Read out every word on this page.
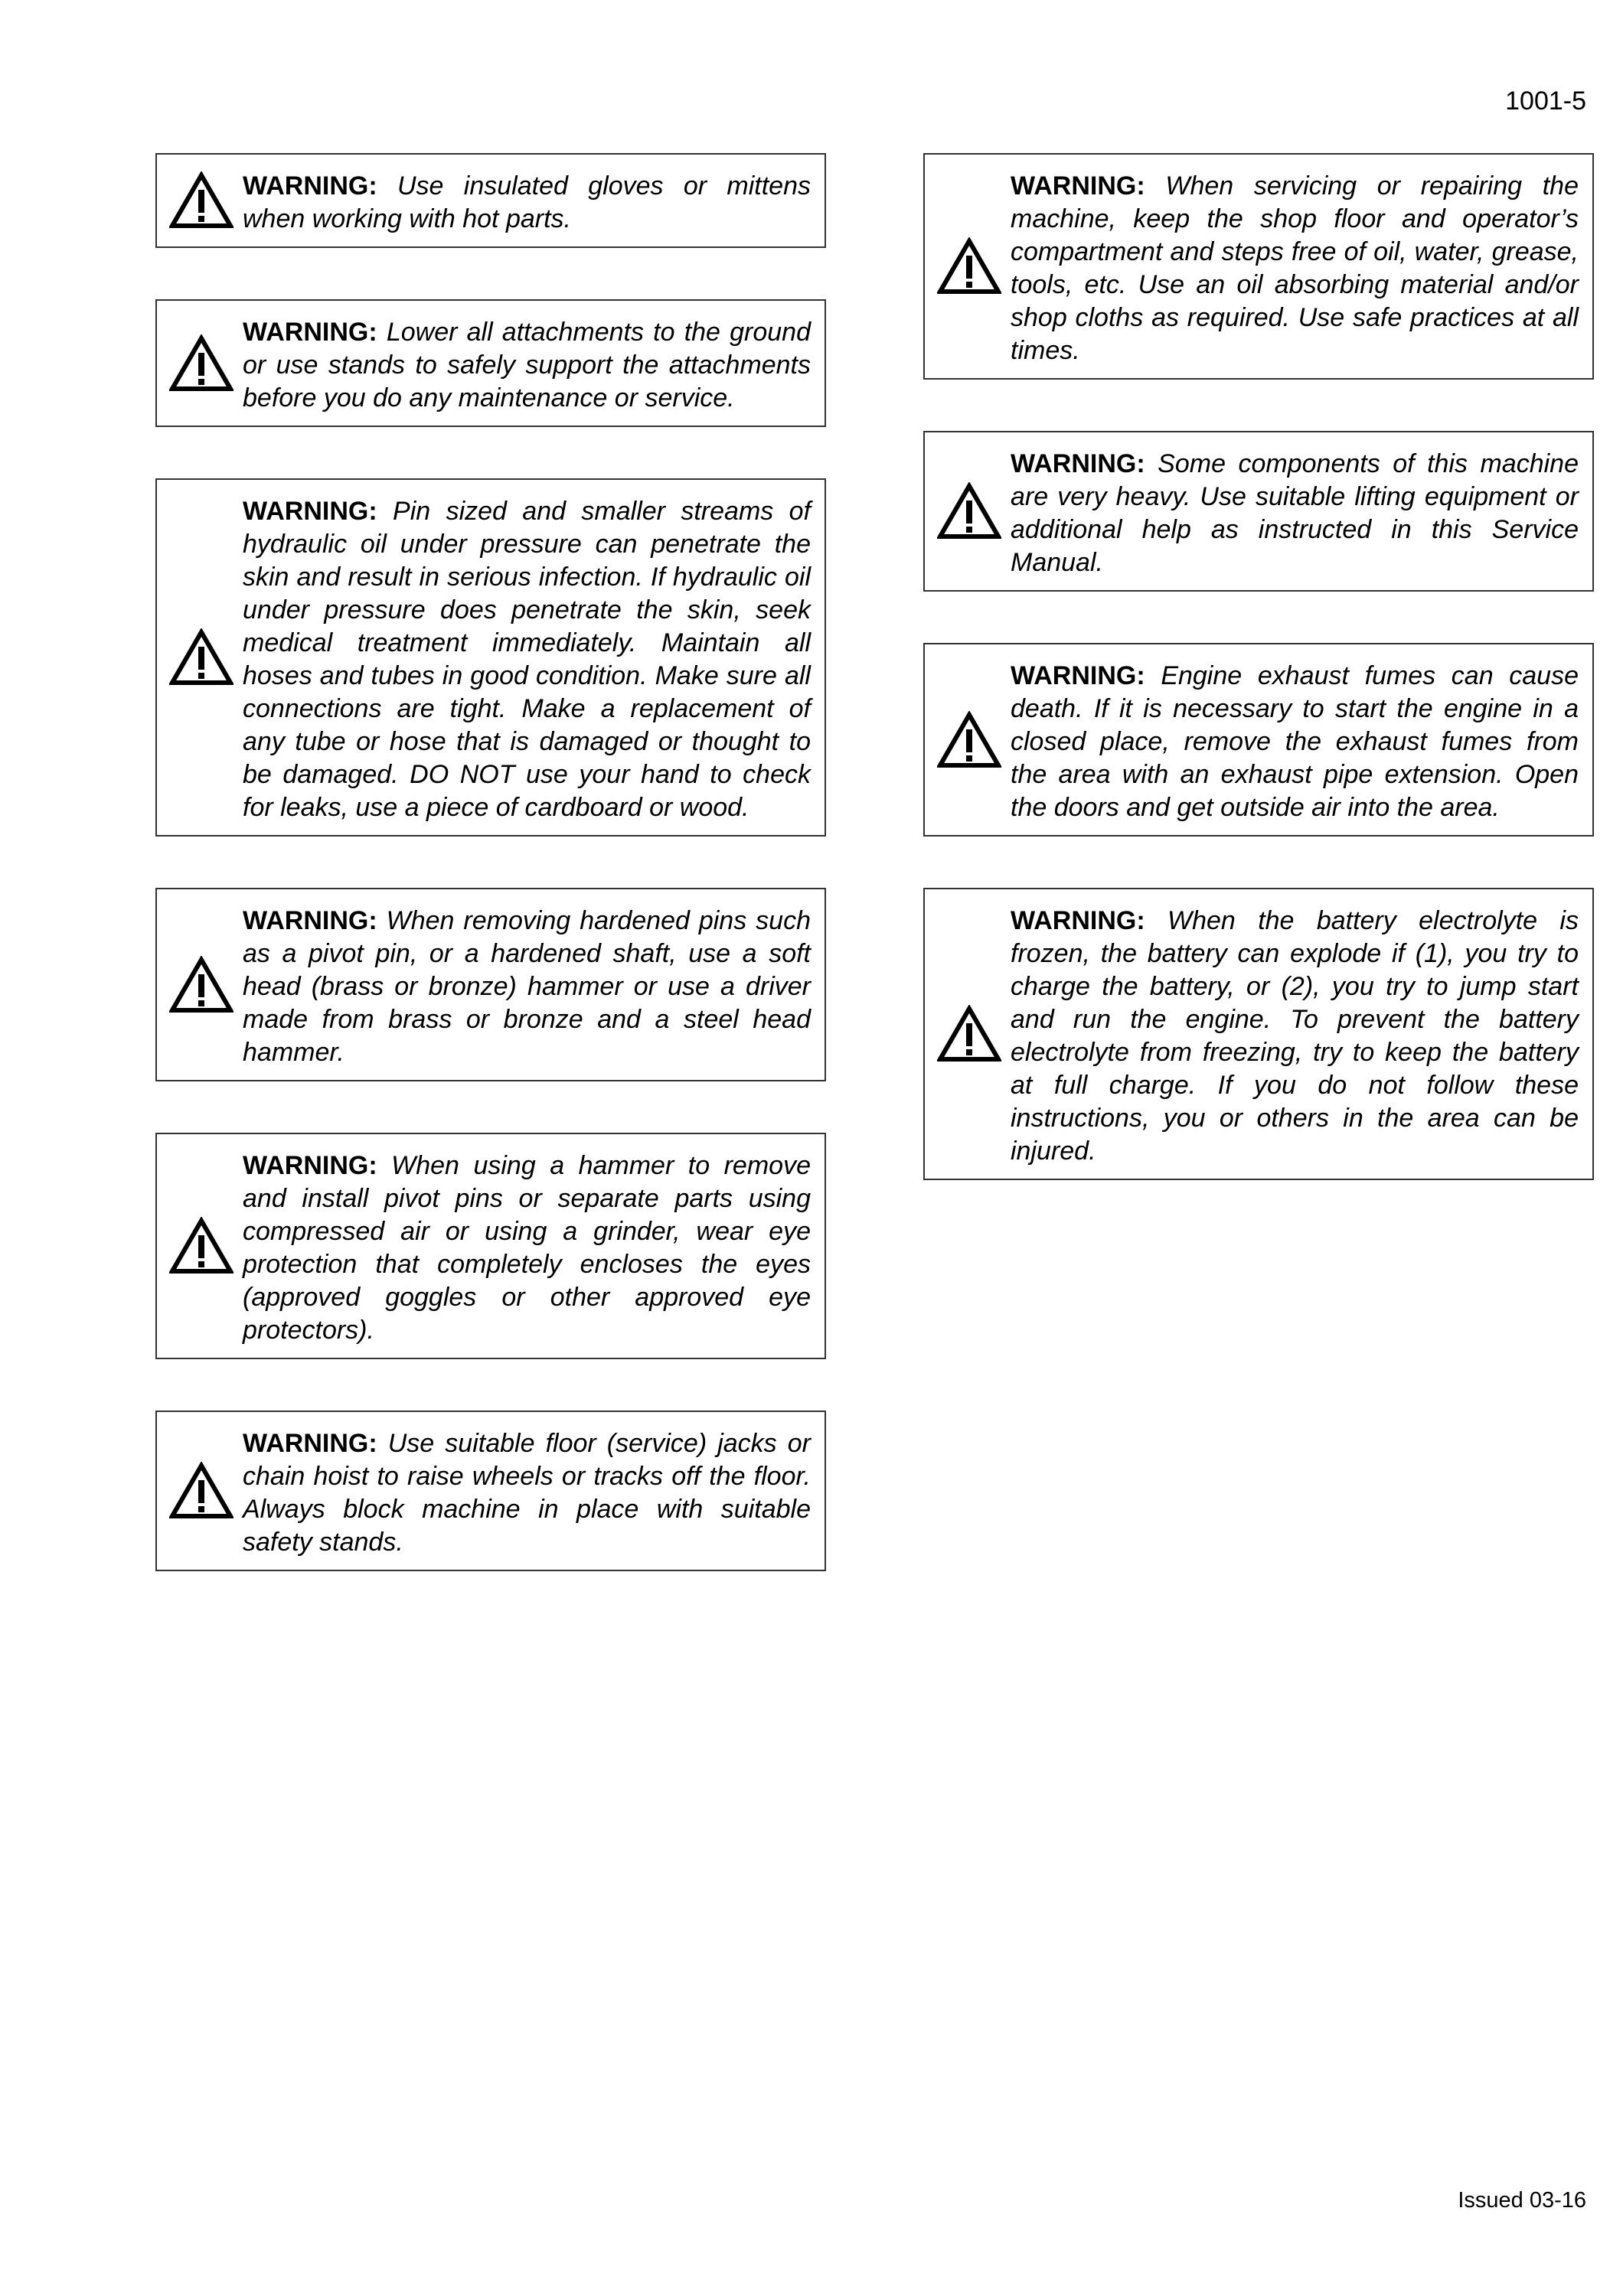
1001-5

WARNING: Use insulated gloves or mittens when working with hot parts.

WARNING: Lower all attachments to the ground or use stands to safely support the attachments before you do any maintenance or service.

WARNING: Pin sized and smaller streams of hydraulic oil under pressure can penetrate the skin and result in serious infection. If hydraulic oil under pressure does penetrate the skin, seek medical treatment immediately. Maintain all hoses and tubes in good condition. Make sure all connections are tight. Make a replacement of any tube or hose that is damaged or thought to be damaged. DO NOT use your hand to check for leaks, use a piece of cardboard or wood.

WARNING: When removing hardened pins such as a pivot pin, or a hardened shaft, use a soft head (brass or bronze) hammer or use a driver made from brass or bronze and a steel head hammer.

WARNING: When using a hammer to remove and install pivot pins or separate parts using compressed air or using a grinder, wear eye protection that completely encloses the eyes (approved goggles or other approved eye protectors).

WARNING: Use suitable floor (service) jacks or chain hoist to raise wheels or tracks off the floor. Always block machine in place with suitable safety stands.

WARNING: When servicing or repairing the machine, keep the shop floor and operator’s compartment and steps free of oil, water, grease, tools, etc. Use an oil absorbing material and/or shop cloths as required. Use safe practices at all times.

WARNING: Some components of this machine are very heavy. Use suitable lifting equipment or additional help as instructed in this Service Manual.

WARNING: Engine exhaust fumes can cause death. If it is necessary to start the engine in a closed place, remove the exhaust fumes from the area with an exhaust pipe extension. Open the doors and get outside air into the area.

WARNING: When the battery electrolyte is frozen, the battery can explode if (1), you try to charge the battery, or (2), you try to jump start and run the engine. To prevent the battery electrolyte from freezing, try to keep the battery at full charge. If you do not follow these instructions, you or others in the area can be injured.

Issued 03-16
